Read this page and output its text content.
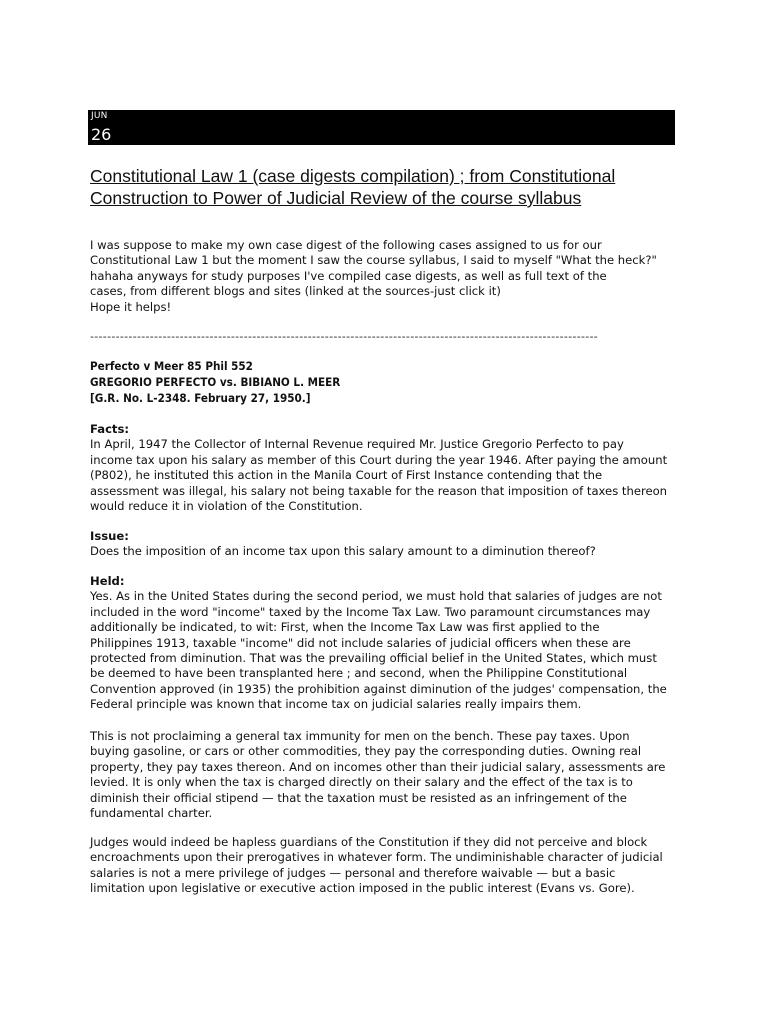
JUN
26
Constitutional Law 1 (case digests compilation) ; from Constitutional Construction to Power of Judicial Review of the course syllabus

I was suppose to make my own case digest of the following cases assigned to us for our

Constitutional Law 1 but the moment I saw the course syllabus, I said to myself "What the heck?"

hahaha anyways for study purposes I've compiled case digests, as well as full text of the

cases, from different blogs and sites (linked at the sources-just click it)

Hope it helps!

-----------------------------------------------------------------------------------------------------------------------

Perfecto v Meer 85 Phil 552

GREGORIO PERFECTO vs. BIBIANO L. MEER

[G.R. No. L-2348. February 27, 1950.]

Facts:

In April, 1947 the Collector of Internal Revenue required Mr. Justice Gregorio Perfecto to pay

income tax upon his salary as member of this Court during the year 1946. After paying the amount

(P802), he instituted this action in the Manila Court of First Instance contending that the

assessment was illegal, his salary not being taxable for the reason that imposition of taxes thereon

would reduce it in violation of the Constitution.

Issue:

Does the imposition of an income tax upon this salary amount to a diminution thereof?

Held:

Yes. As in the United States during the second period, we must hold that salaries of judges are not

included in the word "income" taxed by the Income Tax Law. Two paramount circumstances may

additionally be indicated, to wit: First, when the Income Tax Law was first applied to the

Philippines 1913, taxable "income" did not include salaries of judicial officers when these are

protected from diminution. That was the prevailing official belief in the United States, which must

be deemed to have been transplanted here ; and second, when the Philippine Constitutional

Convention approved (in 1935) the prohibition against diminution of the judges' compensation, the

Federal principle was known that income tax on judicial salaries really impairs them.

This is not proclaiming a general tax immunity for men on the bench. These pay taxes. Upon

buying gasoline, or cars or other commodities, they pay the corresponding duties. Owning real

property, they pay taxes thereon. And on incomes other than their judicial salary, assessments are

levied. It is only when the tax is charged directly on their salary and the effect of the tax is to

diminish their official stipend — that the taxation must be resisted as an infringement of the

fundamental charter.

Judges would indeed be hapless guardians of the Constitution if they did not perceive and block

encroachments upon their prerogatives in whatever form. The undiminishable character of judicial

salaries is not a mere privilege of judges — personal and therefore waivable — but a basic

limitation upon legislative or executive action imposed in the public interest (Evans vs. Gore).
